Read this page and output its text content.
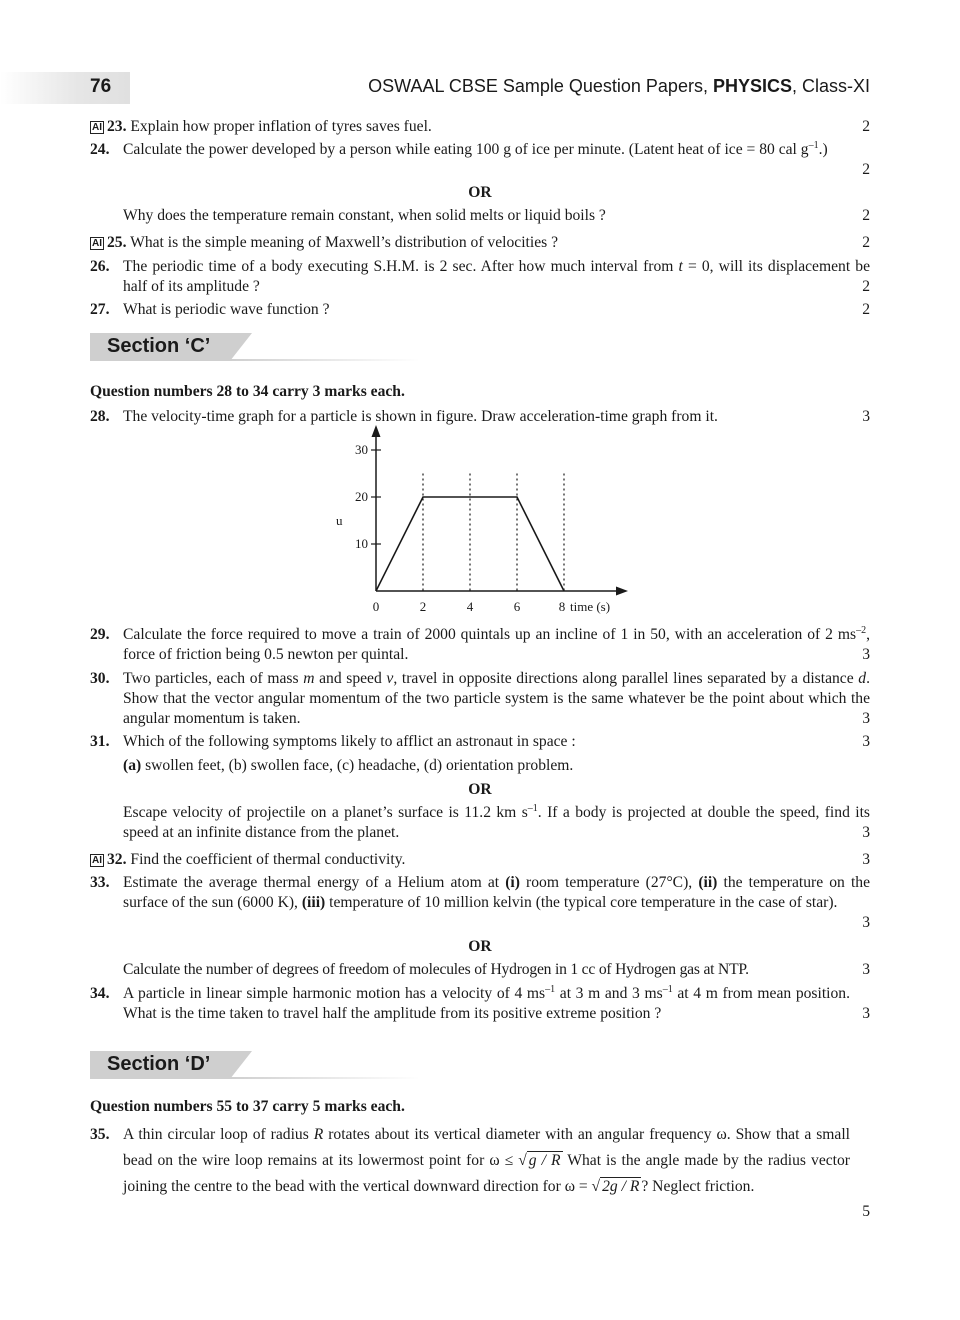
76	OSWAAL CBSE Sample Question Papers, PHYSICS, Class-XI
AI 23. Explain how proper inflation of tyres saves fuel.	2
24. Calculate the power developed by a person while eating 100 g of ice per minute. (Latent heat of ice = 80 cal $g^{-1}$.)
2
OR
Why does the temperature remain constant, when solid melts or liquid boils ?	2
AI 25. What is the simple meaning of Maxwell’s distribution of velocities ?	2
26. The periodic time of a body executing S.H.M. is 2 sec. After how much interval from t = 0, will its displacement be half of its amplitude ?	2
27. What is periodic wave function ?	2
Section ‘C’
Question numbers 28 to 34 carry 3 marks each.
28. The velocity-time graph for a particle is shown in figure. Draw acceleration-time graph from it.	3
10
20
30
0	2	4	6	8
u
time (s)
29. Calculate the force required to move a train of 2000 quintals up an incline of 1 in 50, with an acceleration of 2 $ms^{-2}$, force of friction being 0.5 newton per quintal.	3
30. Two particles, each of mass m and speed v, travel in opposite directions along parallel lines separated by a distance d. Show that the vector angular momentum of the two particle system is the same whatever be the point about which the angular momentum is taken.	3
31. Which of the following symptoms likely to afflict an astronaut in space :	3
(a) swollen feet, (b) swollen face, (c) headache, (d) orientation problem.
OR
Escape velocity of projectile on a planet’s surface is 11.2 km $s^{-1}$. If a body is projected at double the speed, find its speed at an infinite distance from the planet.	3
AI 32. Find the coefficient of thermal conductivity.	3
33. Estimate the average thermal energy of a Helium atom at (i) room temperature (27°C), (ii) the temperature on the surface of the sun (6000 K), (iii) temperature of 10 million kelvin (the typical core temperature in the case of star).
3
OR
Calculate the number of degrees of freedom of molecules of Hydrogen in 1 cc of Hydrogen gas at NTP.	3
34. A particle in linear simple harmonic motion has a velocity of 4 $ms^{-1}$ at 3 m and 3 $ms^{-1}$ at 4 m from mean position. What is the time taken to travel half the amplitude from its positive extreme position ?	3
Section ‘D’
Question numbers 55 to 37 carry 5 marks each.
35. A thin circular loop of radius R rotates about its vertical diameter with an angular frequency ω. Show that a small bead on the wire loop remains at its lowermost point for ω ≤ √ g / R What is the angle made by the radius vector joining the centre to the bead with the vertical downward direction for ω = √ 2g / R ? Neglect friction.
5
